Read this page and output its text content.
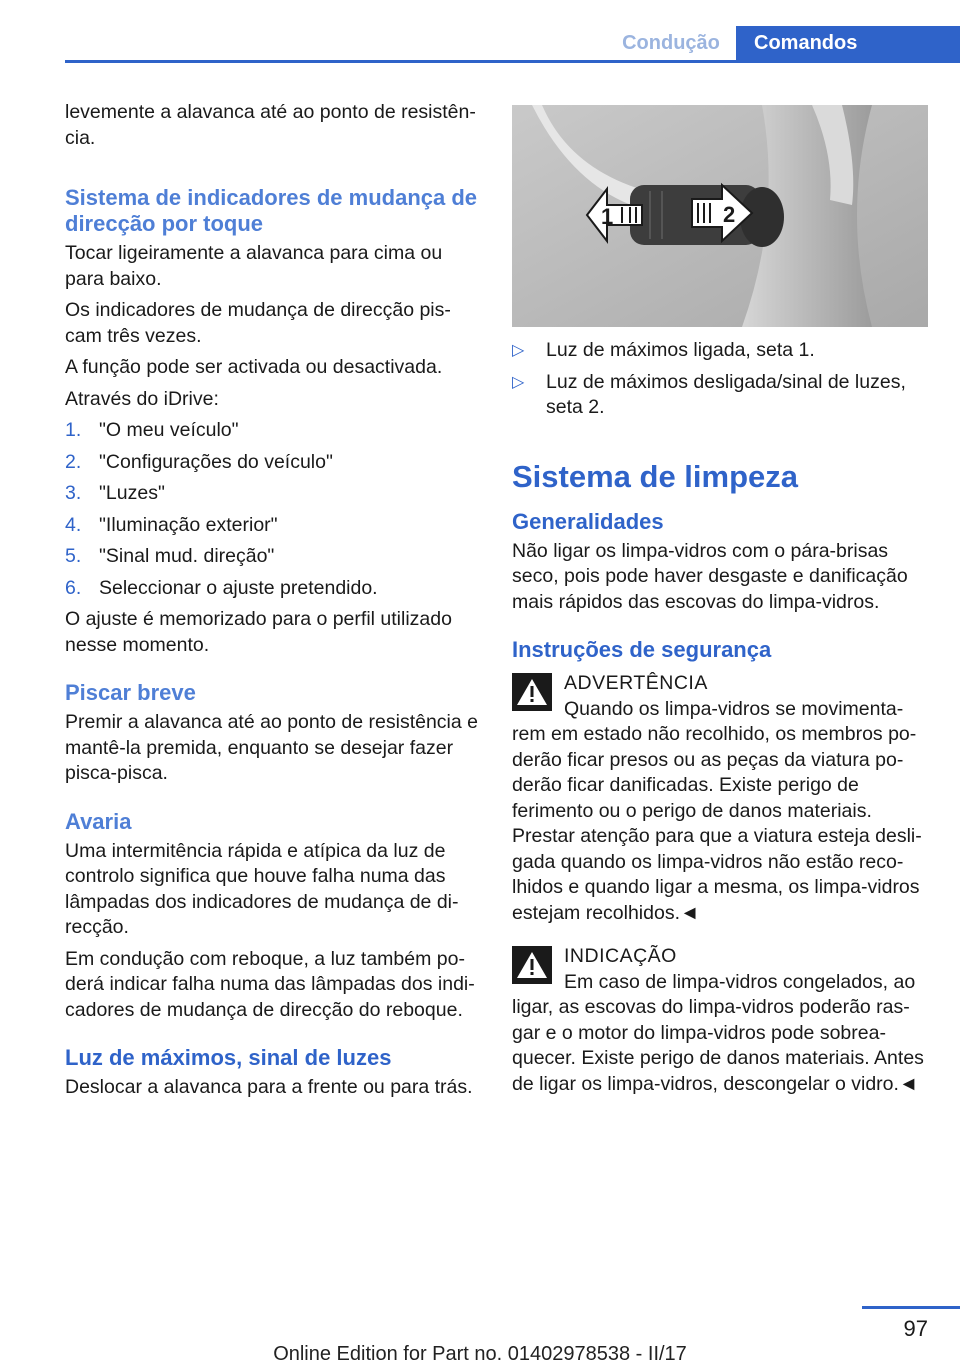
Condução	Comandos

levemente a alavanca até ao ponto de resistência.

Sistema de indicadores de mudança de direcção por toque

Tocar ligeiramente a alavanca para cima ou para baixo.

Os indicadores de mudança de direcção piscam três vezes.

A função pode ser activada ou desactivada.

Através do iDrive:

1. "O meu veículo"
2. "Configurações do veículo"
3. "Luzes"
4. "Iluminação exterior"
5. "Sinal mud. direção"
6. Seleccionar o ajuste pretendido.

O ajuste é memorizado para o perfil utilizado nesse momento.

Piscar breve

Premir a alavanca até ao ponto de resistência e mantê-la premida, enquanto se desejar fazer pisca-pisca.

Avaria

Uma intermitência rápida e atípica da luz de controlo significa que houve falha numa das lâmpadas dos indicadores de mudança de direcção.

Em condução com reboque, a luz também poderá indicar falha numa das lâmpadas dos indicadores de mudança de direcção do reboque.

Luz de máximos, sinal de luzes

Deslocar a alavanca para a frente ou para trás.

1	2
▷ Luz de máximos ligada, seta 1.
▷ Luz de máximos desligada/sinal de luzes, seta 2.
Sistema de limpeza
Generalidades

Não ligar os limpa-vidros com o pára-brisas seco, pois pode haver desgaste e danificação mais rápidos das escovas do limpa-vidros.

Instruções de segurança
ADVERTÊNCIA
Quando os limpa-vidros se movimentarem em estado não recolhido, os membros poderão ficar presos ou as peças da viatura poderão ficar danificadas. Existe perigo de ferimento ou o perigo de danos materiais. Prestar atenção para que a viatura esteja desligada quando os limpa-vidros não estão recolhidos e quando ligar a mesma, os limpa-vidros estejam recolhidos.◄
INDICAÇÃO
Em caso de limpa-vidros congelados, ao ligar, as escovas do limpa-vidros poderão rasgar e o motor do limpa-vidros pode sobreaquecer. Existe perigo de danos materiais. Antes de ligar os limpa-vidros, descongelar o vidro.◄
97
Online Edition for Part no. 01402978538 - II/17
